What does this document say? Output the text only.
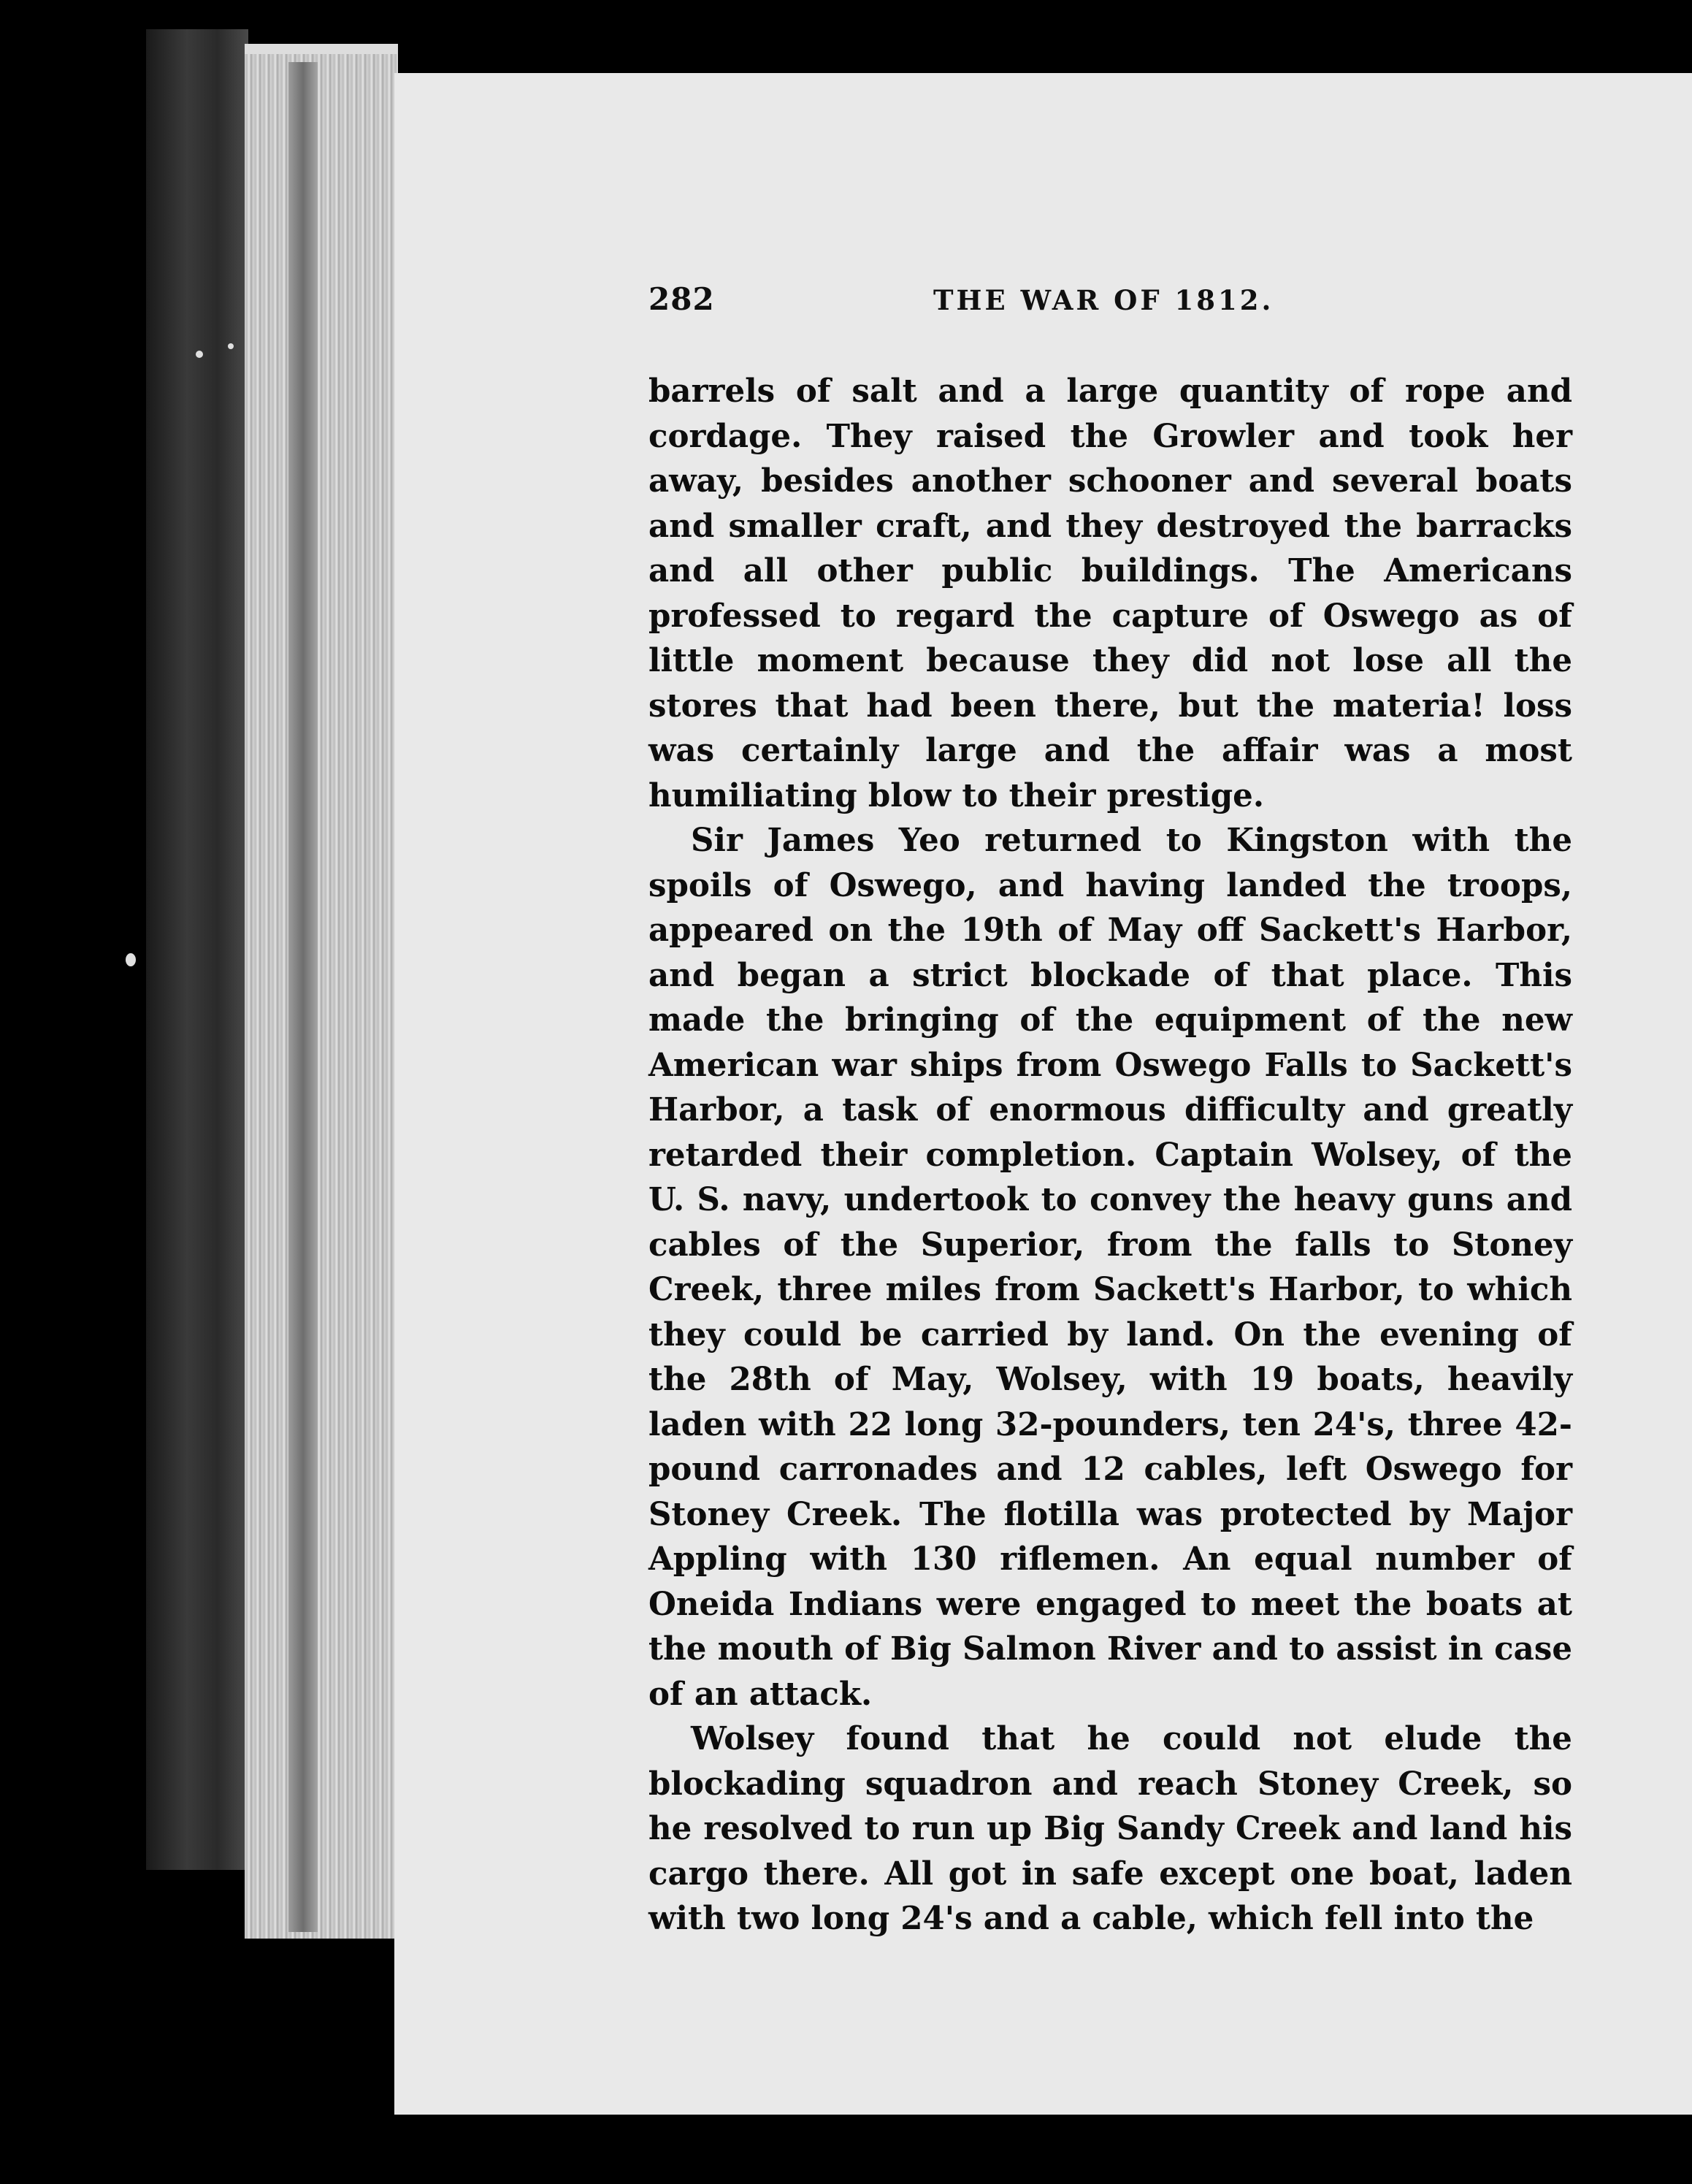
282	THE WAR OF 1812.

barrels of salt and a large quantity of rope and cordage. They raised the Growler and took her away, besides another schooner and several boats and smaller craft, and they destroyed the barracks and all other public buildings. The Americans professed to regard the capture of Oswego as of little moment because they did not lose all the stores that had been there, but the materia! loss was certainly large and the affair was a most humiliating blow to their prestige.

Sir James Yeo returned to Kingston with the spoils of Oswego, and having landed the troops, appeared on the 19th of May off Sackett's Harbor, and began a strict blockade of that place. This made the bringing of the equipment of the new American war ships from Oswego Falls to Sackett's Harbor, a task of enormous difficulty and greatly retarded their completion. Captain Wolsey, of the U. S. navy, undertook to convey the heavy guns and cables of the Superior, from the falls to Stoney Creek, three miles from Sackett's Harbor, to which they could be carried by land. On the evening of the 28th of May, Wolsey, with 19 boats, heavily laden with 22 long 32-pounders, ten 24's, three 42-pound carronades and 12 cables, left Oswego for Stoney Creek. The flotilla was protected by Major Appling with 130 riflemen. An equal number of Oneida Indians were engaged to meet the boats at the mouth of Big Salmon River and to assist in case of an attack.

Wolsey found that he could not elude the blockading squadron and reach Stoney Creek, so he resolved to run up Big Sandy Creek and land his cargo there. All got in safe except one boat, laden with two long 24's and a cable, which fell into the
